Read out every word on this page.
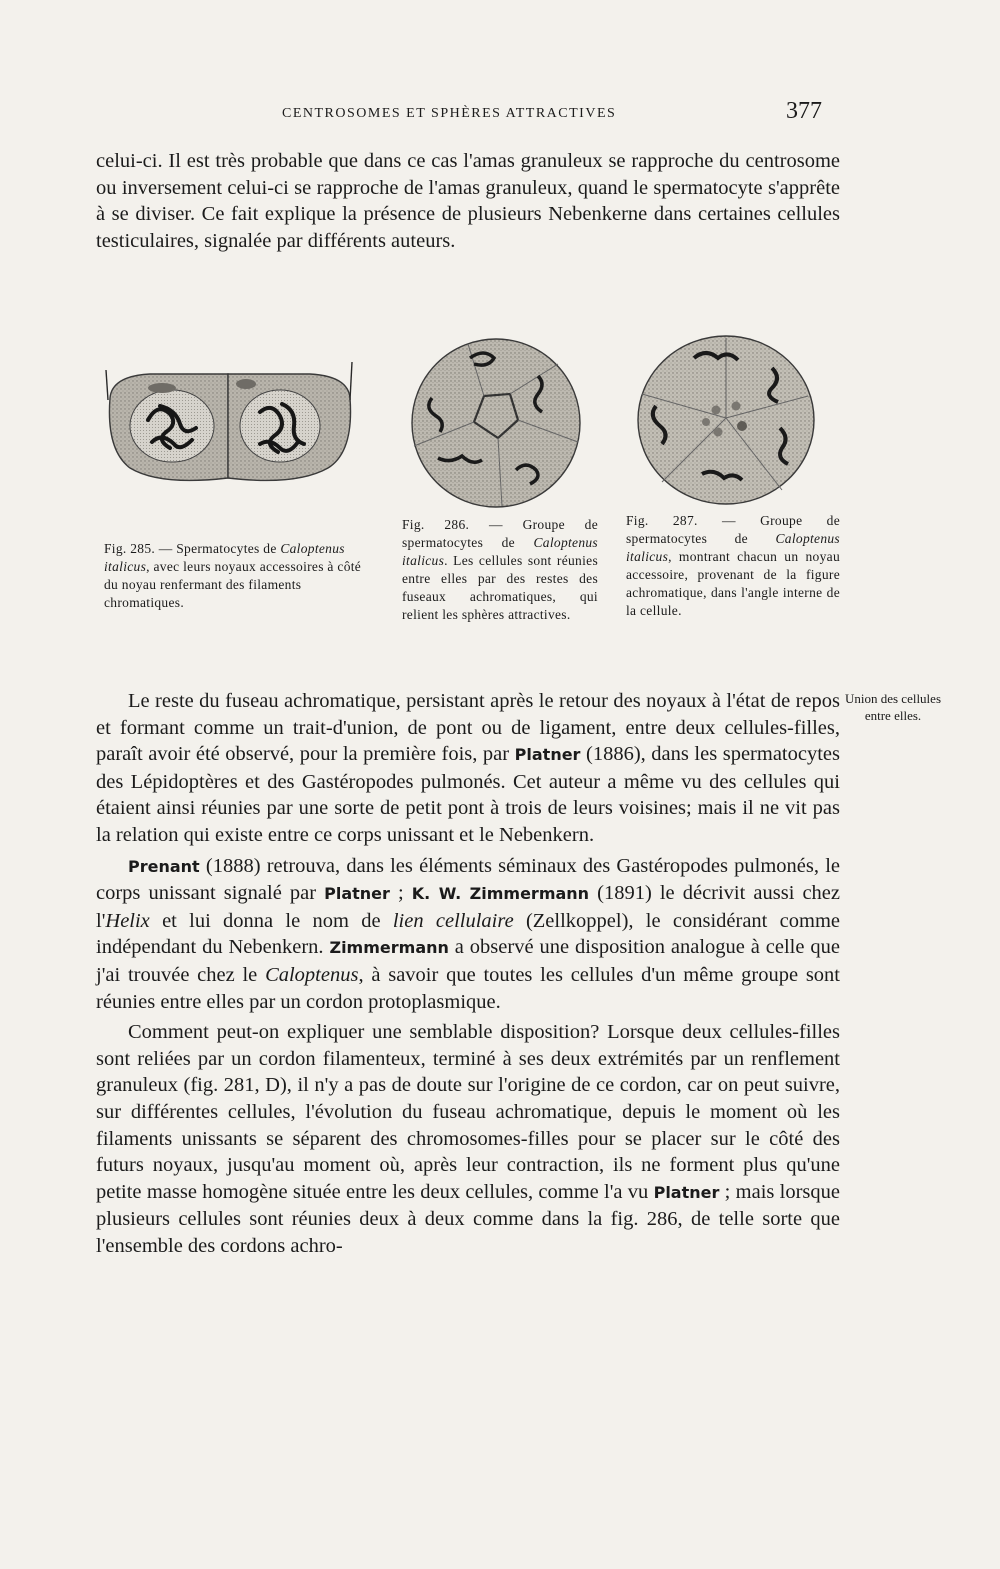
CENTROSOMES ET SPHÈRES ATTRACTIVES	377

celui-ci. Il est très probable que dans ce cas l'amas granuleux se rapproche du centrosome ou inversement celui-ci se rapproche de l'amas granuleux, quand le spermatocyte s'apprête à se diviser. Ce fait explique la présence de plusieurs Nebenkerne dans certaines cellules testiculaires, signalée par différents auteurs.

Fig. 285. — Spermatocytes de Caloptenus italicus, avec leurs noyaux accessoires à côté du noyau renfermant des filaments chromatiques.
Fig. 286. — Groupe de spermatocytes de Caloptenus italicus. Les cellules sont réunies entre elles par des restes des fuseaux achromatiques, qui relient les sphères attractives.
Fig. 287. — Groupe de spermatocytes de Caloptenus italicus, montrant chacun un noyau accessoire, provenant de la figure achromatique, dans l'angle interne de la cellule.
Union des cellules entre elles.

Le reste du fuseau achromatique, persistant après le retour des noyaux à l'état de repos et formant comme un trait-d'union, de pont ou de ligament, entre deux cellules-filles, paraît avoir été observé, pour la première fois, par Platner (1886), dans les spermatocytes des Lépidoptères et des Gastéropodes pulmonés. Cet auteur a même vu des cellules qui étaient ainsi réunies par une sorte de petit pont à trois de leurs voisines; mais il ne vit pas la relation qui existe entre ce corps unissant et le Nebenkern.

Prenant (1888) retrouva, dans les éléments séminaux des Gastéropodes pulmonés, le corps unissant signalé par Platner ; K. W. Zimmermann (1891) le décrivit aussi chez l'Helix et lui donna le nom de lien cellulaire (Zellkoppel), le considérant comme indépendant du Nebenkern. Zimmermann a observé une disposition analogue à celle que j'ai trouvée chez le Caloptenus, à savoir que toutes les cellules d'un même groupe sont réunies entre elles par un cordon protoplasmique.

Comment peut-on expliquer une semblable disposition? Lorsque deux cellules-filles sont reliées par un cordon filamenteux, terminé à ses deux extrémités par un renflement granuleux (fig. 281, D), il n'y a pas de doute sur l'origine de ce cordon, car on peut suivre, sur différentes cellules, l'évolution du fuseau achromatique, depuis le moment où les filaments unissants se séparent des chromosomes-filles pour se placer sur le côté des futurs noyaux, jusqu'au moment où, après leur contraction, ils ne forment plus qu'une petite masse homogène située entre les deux cellules, comme l'a vu Platner ; mais lorsque plusieurs cellules sont réunies deux à deux comme dans la fig. 286, de telle sorte que l'ensemble des cordons achro-
